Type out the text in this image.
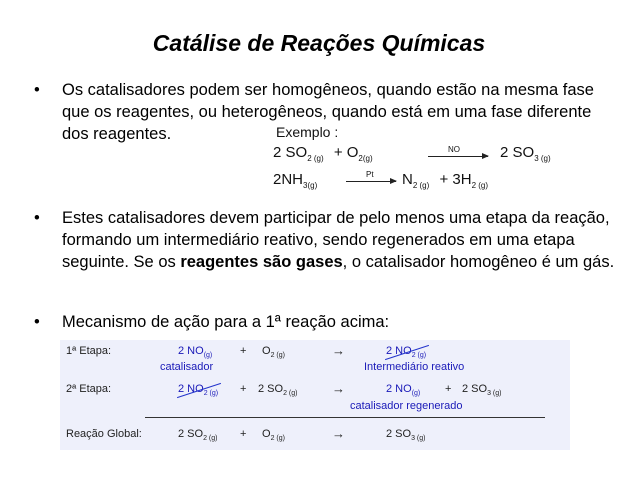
Catálise de Reações Químicas
• Os catalisadores podem ser homogêneos, quando estão na mesma fase que os reagentes, ou heterogêneos, quando está em uma fase diferente dos reagentes.	Exemplo :
2 $SO_{2 (g)} + O_{2(g)}$
NO	2 $SO_{3 (g)}$
$2NH_{3(g)}$
Pt $N_{2 (g)} + 3H_{2 (g)}$
• Estes catalisadores devem participar de pelo menos uma etapa da reação, formando um intermediário reativo, sendo regenerados em uma etapa seguinte. Se os reagentes são gases, o catalisador homogêneo é um gás.
• Mecanismo de ação para a 1ª reação acima:
1ª Etapa:	2 $NO_{(g)}$	+ $O_{2 (g)}$	→	2 $NO_{2 (g)}$
catalisador	Intermediário reativo
2ª Etapa:	2 $NO_{2 (g)} + 2$ $SO_{2 (g)}$	→	2 $NO_{(g)} + 2$ $SO_{3 (g)}$
catalisador regenerado
Reação Global:	2 $SO_{2 (g)} + O_{2 (g)}$	→	2 $SO_{3 (g)}$
